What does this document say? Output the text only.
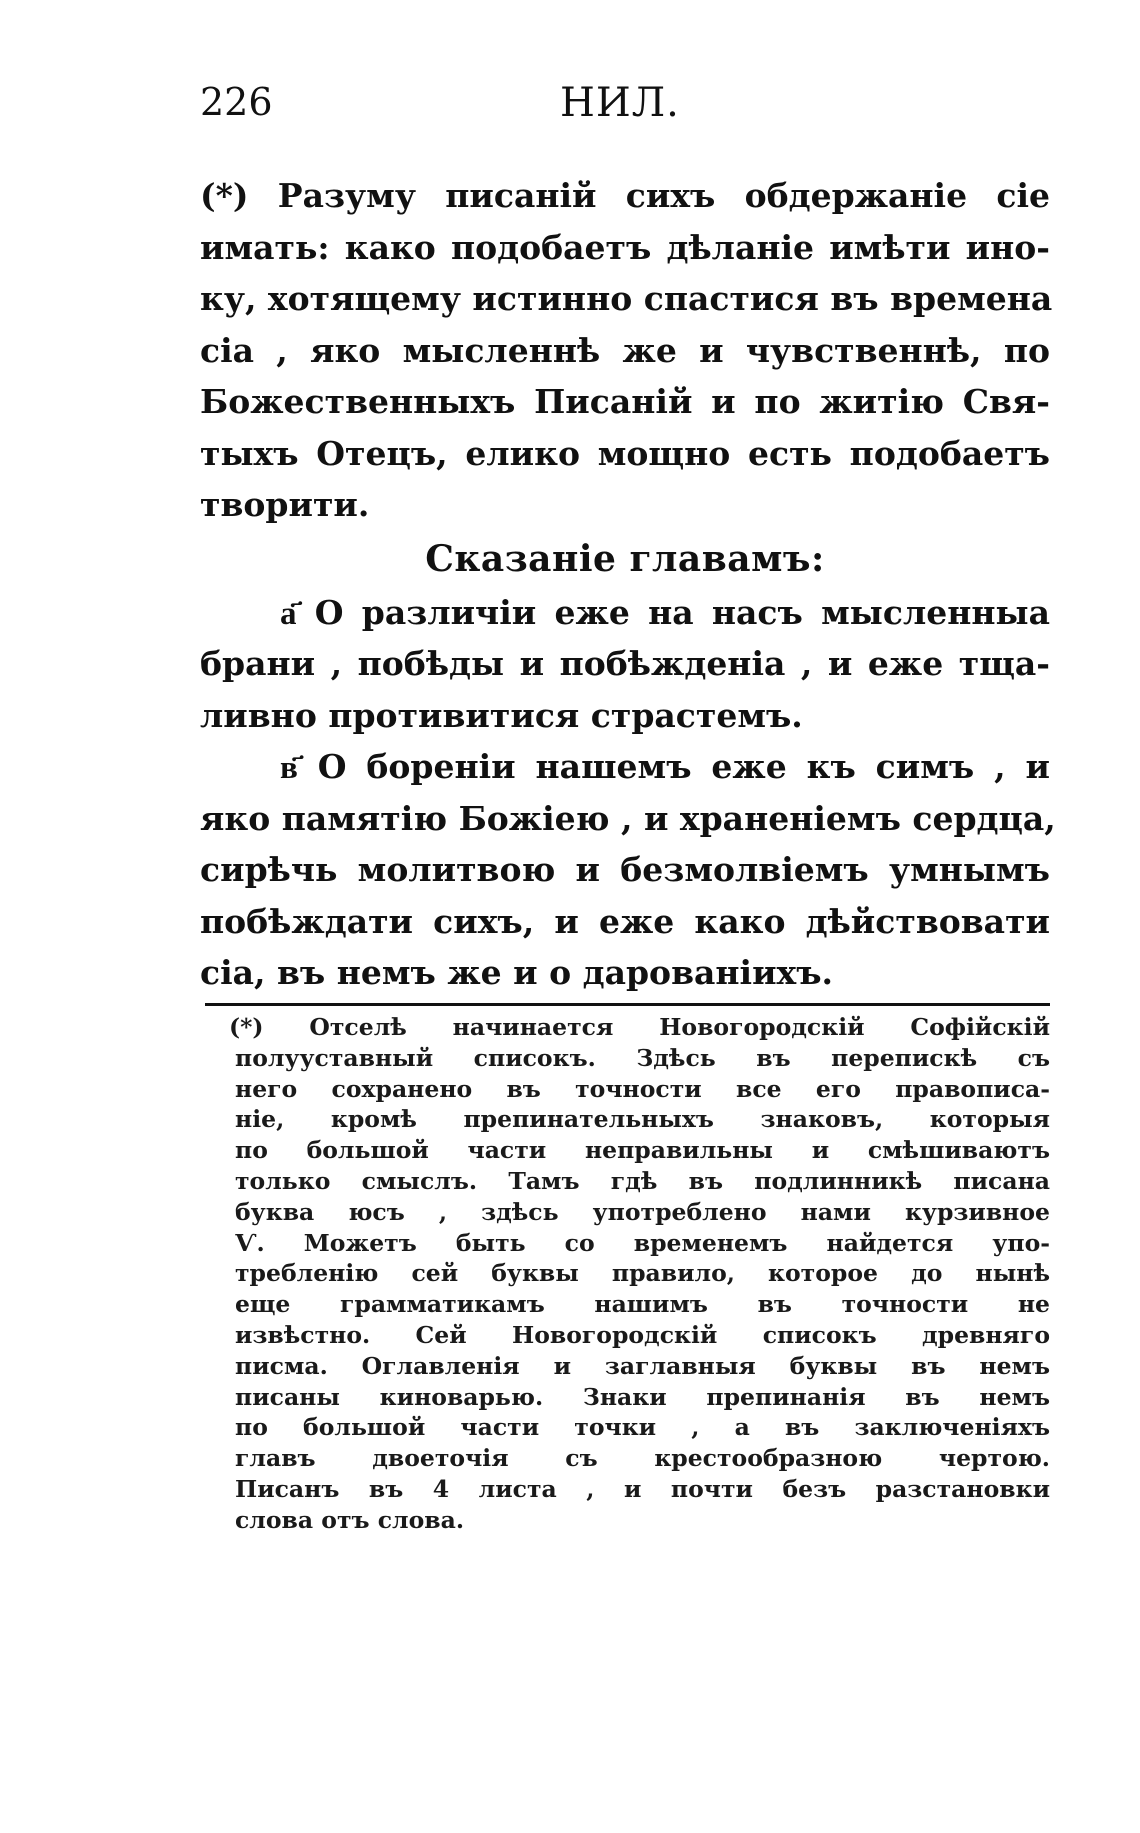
226	НИЛ.
(*) Разуму писаній сихъ обдержаніе сіе
имать: како подобаетъ дѣланіе имѣти ино-
ку, хотящему истинно спастися въ времена
сіа , яко мысленнѣ же и чувственнѣ, по
Божественныхъ Писаній и по житію Свя-
тыхъ Отецъ, елико мощно есть подобаетъ
творити.
Сказаніе главамъ:
а҃ О различіи еже на насъ мысленныа
брани , побѣды и побѣжденіа , и еже тща-
ливно противитися страстемъ.
в҃ О бореніи нашемъ еже къ симъ , и
яко памятію Божіею , и храненіемъ сердца,
сирѣчь молитвою и безмолвіемъ умнымъ
побѣждати сихъ, и еже како дѣйствовати
сіа, въ немъ же и о дарованіихъ.
(*) Отселѣ начинается Новогородскій Софійскій
полууставный списокъ. Здѣсь въ перепискѣ съ
него сохранено въ точности все его правописа-
ніе, кромѣ препинательныхъ знаковъ, которыя
по большой части неправильны и смѣшиваютъ
только смыслъ. Тамъ гдѣ въ подлинникѣ писана
буква юсъ , здѣсь употреблено нами курзивное
Ѵ. Можетъ быть со временемъ найдется упо-
требленію сей буквы правило, которое до нынѣ
еще грамматикамъ нашимъ въ точности не
извѣстно. Сей Новогородскій списокъ древняго
писма. Оглавленія и заглавныя буквы въ немъ
писаны киноварью. Знаки препинанія въ немъ
по большой части точки , а въ заключеніяхъ
главъ двоеточія съ крестообразною чертою.
Писанъ въ 4 листа , и почти безъ разстановки
слова отъ слова.
